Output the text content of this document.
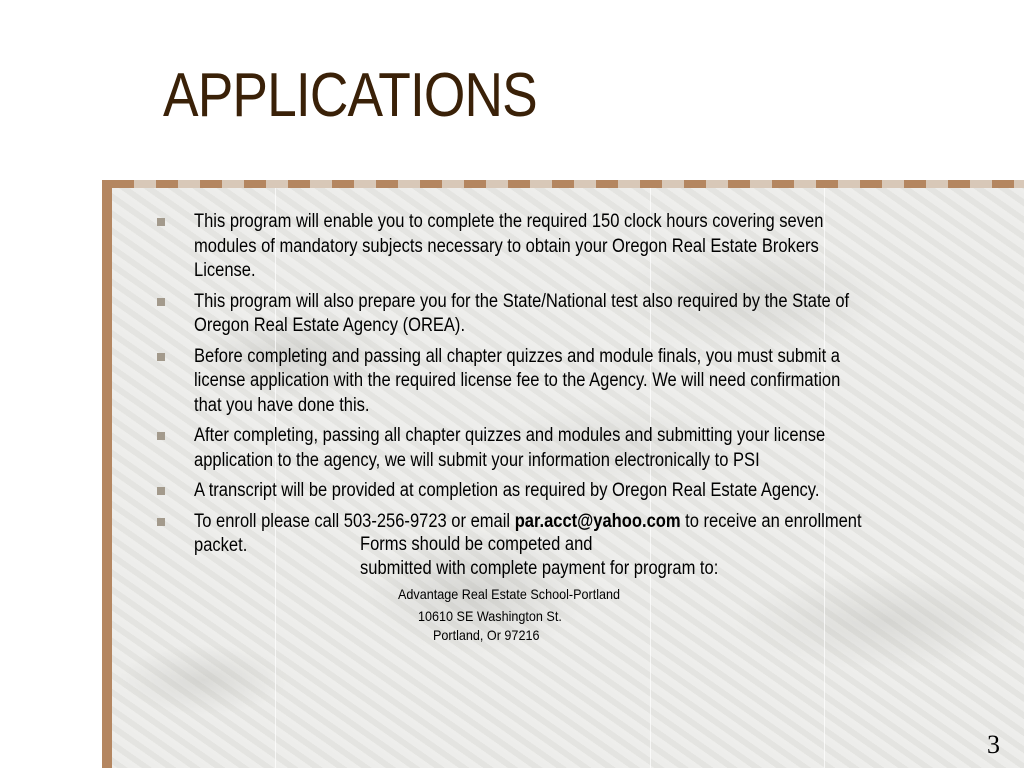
APPLICATIONS
This program will enable you to complete the required 150 clock hours covering seven
modules of mandatory subjects necessary to obtain your Oregon Real Estate Brokers
License.
This program will also prepare you for the State/National test also required by the State of
Oregon Real Estate Agency (OREA).
Before completing and passing all chapter quizzes and module finals, you must submit a
license application with the required license fee to the Agency. We will need confirmation
that you have done this.
After completing, passing all chapter quizzes and modules and submitting your license
application to the agency, we will submit your information electronically to PSI
A transcript will be provided at completion as required by Oregon Real Estate Agency.
To enroll please call 503-256-9723 or email par.acct@yahoo.com to receive an enrollment
packet.	Forms should be competed and
submitted with complete payment for program to:
Advantage Real Estate School-Portland
10610 SE Washington St.
Portland, Or 97216
3
